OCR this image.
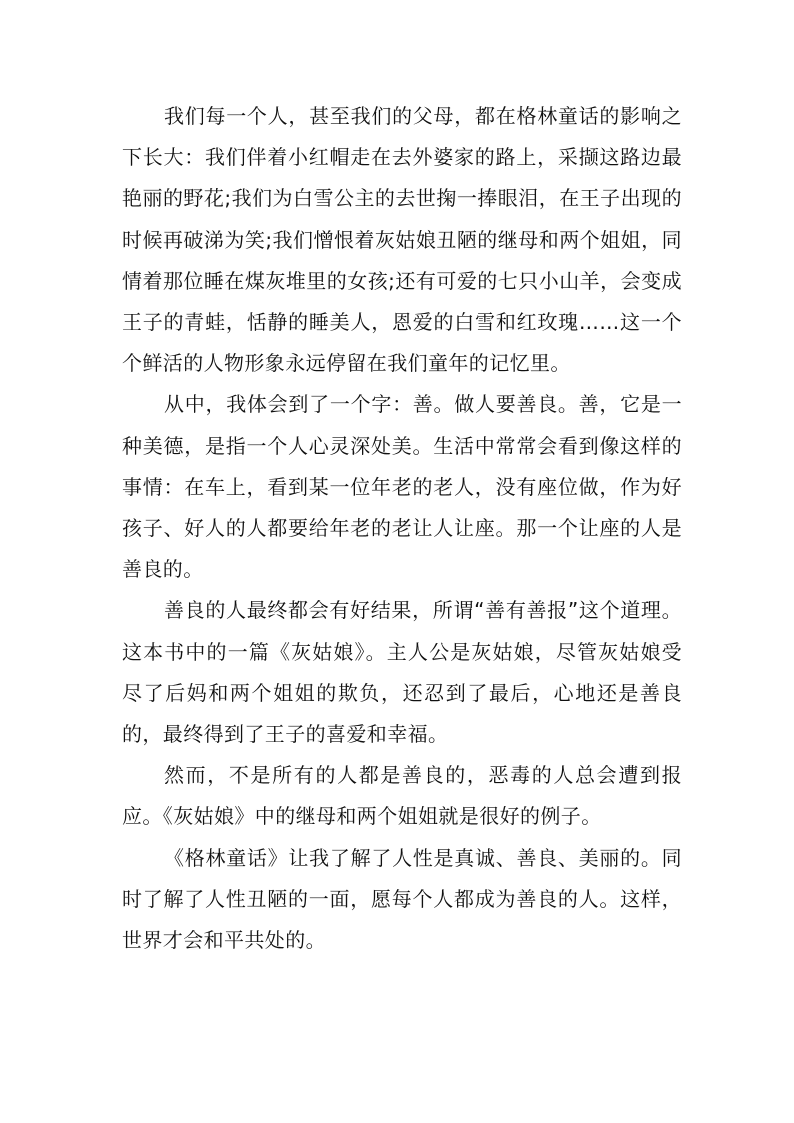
我们每一个人，甚至我们的父母，都在格林童话的影响之下长大：我们伴着小红帽走在去外婆家的路上，采撷这路边最艳丽的野花;我们为白雪公主的去世掬一捧眼泪，在王子出现的时候再破涕为笑;我们憎恨着灰姑娘丑陋的继母和两个姐姐，同情着那位睡在煤灰堆里的女孩;还有可爱的七只小山羊，会变成王子的青蛙，恬静的睡美人，恩爱的白雪和红玫瑰……这一个个鲜活的人物形象永远停留在我们童年的记忆里。

从中，我体会到了一个字：善。做人要善良。善，它是一种美德，是指一个人心灵深处美。生活中常常会看到像这样的事情：在车上，看到某一位年老的老人，没有座位做，作为好孩子、好人的人都要给年老的老让人让座。那一个让座的人是善良的。

善良的人最终都会有好结果，所谓“善有善报”这个道理。这本书中的一篇《灰姑娘》。主人公是灰姑娘，尽管灰姑娘受尽了后妈和两个姐姐的欺负，还忍到了最后，心地还是善良的，最终得到了王子的喜爱和幸福。

然而，不是所有的人都是善良的，恶毒的人总会遭到报应。《灰姑娘》中的继母和两个姐姐就是很好的例子。

《格林童话》让我了解了人性是真诚、善良、美丽的。同时了解了人性丑陋的一面，愿每个人都成为善良的人。这样，世界才会和平共处的。
